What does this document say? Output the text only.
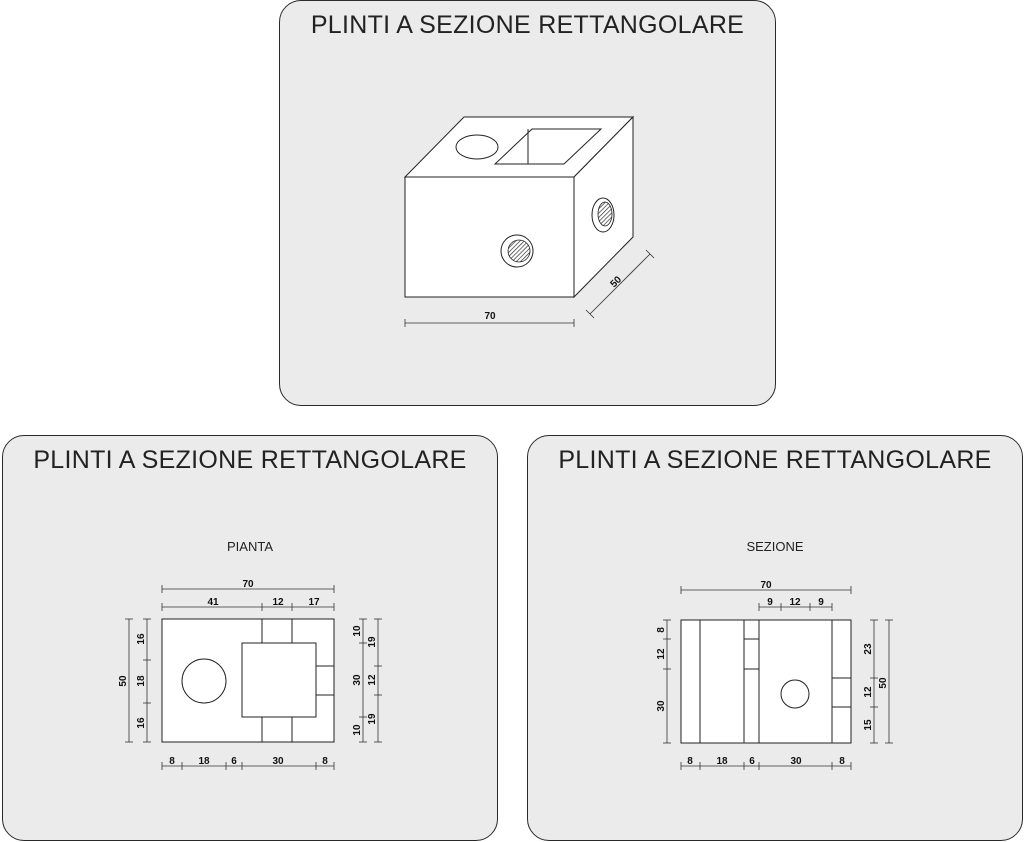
PLINTI A SEZIONE RETTANGOLARE
70
50
PLINTI A SEZIONE RETTANGOLARE
PIANTA
70
41	12 17
50
16
18
16
10
30
10
19
12
19
8 18 6	30	8
PLINTI A SEZIONE RETTANGOLARE
SEZIONE
70
9 12 9
8
12
30
23
12
15
50
8 18 6	30	8
